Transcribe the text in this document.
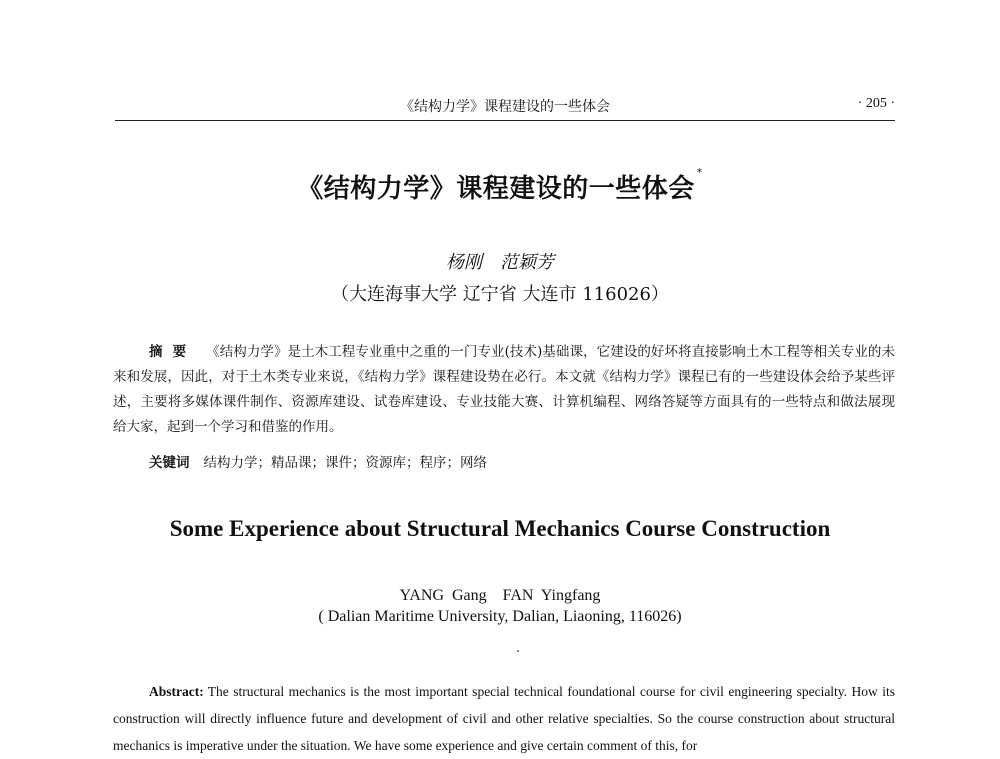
《结构力学》课程建设的一些体会	· 205 ·
《结构力学》课程建设的一些体会*
杨刚　范颖芳
（大连海事大学 辽宁省 大连市 116026）
摘要 《结构力学》是土木工程专业重中之重的一门专业(技术)基础课，它建设的好坏将直接影响土木工程等相关专业的未来和发展，因此，对于土木类专业来说，《结构力学》课程建设势在必行。本文就《结构力学》课程已有的一些建设体会给予某些评述，主要将多媒体课件制作、资源库建设、试卷库建设、专业技能大赛、计算机编程、网络答疑等方面具有的一些特点和做法展现给大家，起到一个学习和借鉴的作用。
关键词 结构力学；精品课；课件；资源库；程序；网络
Some Experience about Structural Mechanics Course Construction
YANG Gang　FAN Yingfang
( Dalian Maritime University, Dalian, Liaoning, 116026)
Abstract: The structural mechanics is the most important special technical foundational course for civil engineering specialty. How its construction will directly influence future and development of civil and other relative specialties. So the course construction about structural mechanics is imperative under the situation. We have some experience and give certain comment of this, for
